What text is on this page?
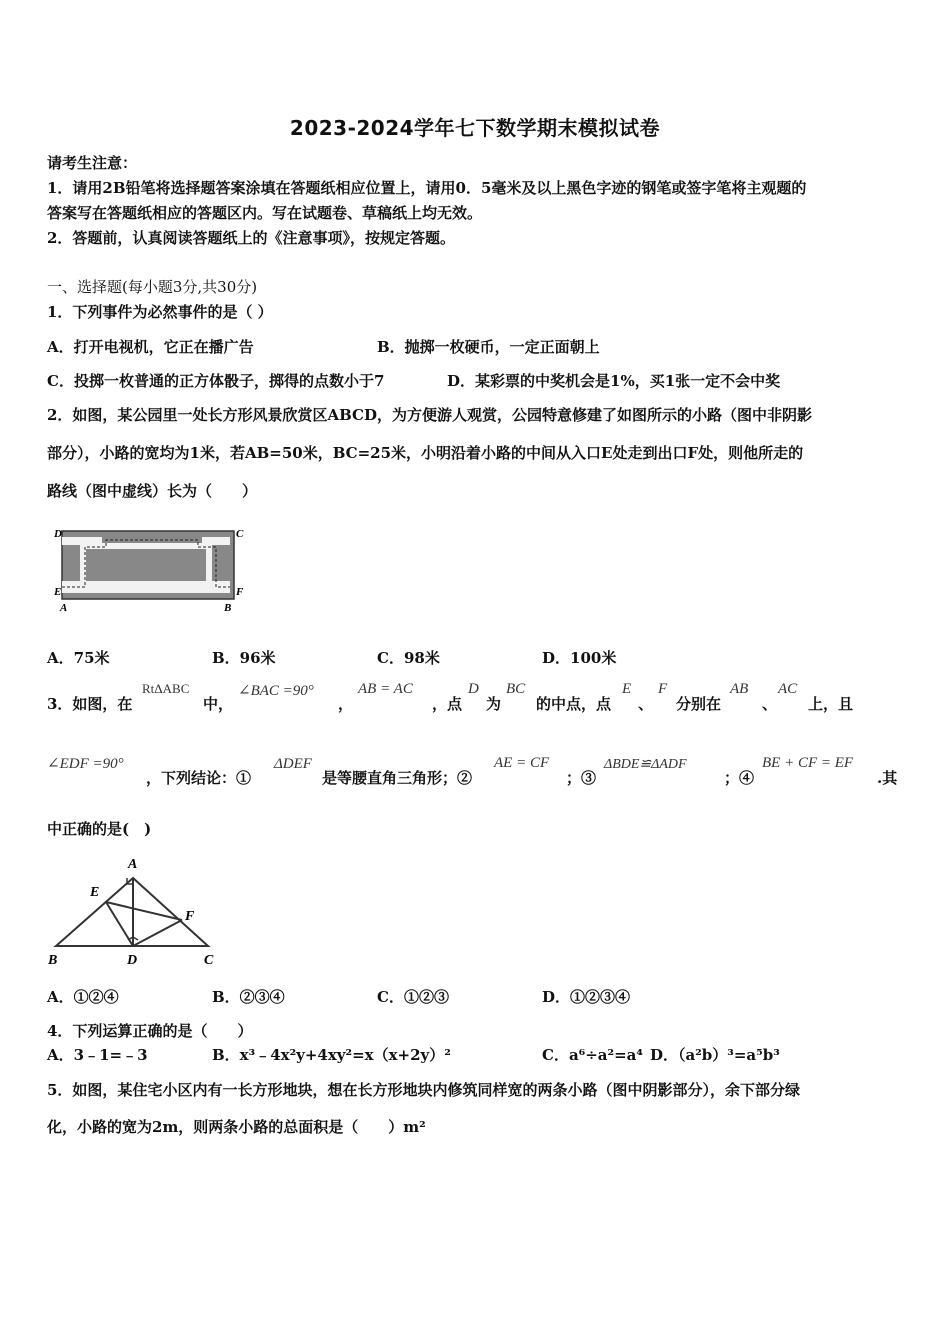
2023-2024学年七下数学期末模拟试卷
请考生注意：
1．请用2B铅笔将选择题答案涂填在答题纸相应位置上，请用0．5毫米及以上黑色字迹的钢笔或签字笔将主观题的
答案写在答题纸相应的答题区内。写在试题卷、草稿纸上均无效。
2．答题前，认真阅读答题纸上的《注意事项》，按规定答题。
一、选择题(每小题3分,共30分)
1．下列事件为必然事件的是（ ）
A．打开电视机，它正在播广告	B．抛掷一枚硬币，一定正面朝上
C．投掷一枚普通的正方体骰子，掷得的点数小于7	D．某彩票的中奖机会是1%，买1张一定不会中奖
2．如图，某公园里一处长方形风景欣赏区ABCD，为方便游人观赏，公园特意修建了如图所示的小路（图中非阴影
部分），小路的宽均为1米，若AB=50米，BC=25米，小明沿着小路的中间从入口E处走到出口F处，则他所走的
路线（图中虚线）长为（　　）
D	C
E	F
A	B
A．75米	B．96米	C．98米	D．100米
3．如图，在
RtΔABC
中，
∠BAC =90°
，
AB = AC
，点
D
为
BC
的中点，点
E
、
F
分别在
AB
、
AC
上，且
∠EDF =90°
，下列结论：①
ΔDEF
是等腰直角三角形；②
AE = CF
；③
ΔBDE≌ΔADF
；④
BE + CF = EF
.其
中正确的是(　)
A
E
F
B	D	C
A．①②④	B．②③④	C．①②③	D．①②③④
4．下列运算正确的是（　　）
A．3﹣1=﹣3	B．x³﹣4x²y+4xy²=x（x+2y）²	C．a⁶÷a²=a⁴ D．（a²b）³=a⁵b³
5．如图，某住宅小区内有一长方形地块，想在长方形地块内修筑同样宽的两条小路（图中阴影部分），余下部分绿
化，小路的宽为2m，则两条小路的总面积是（　　）m²
